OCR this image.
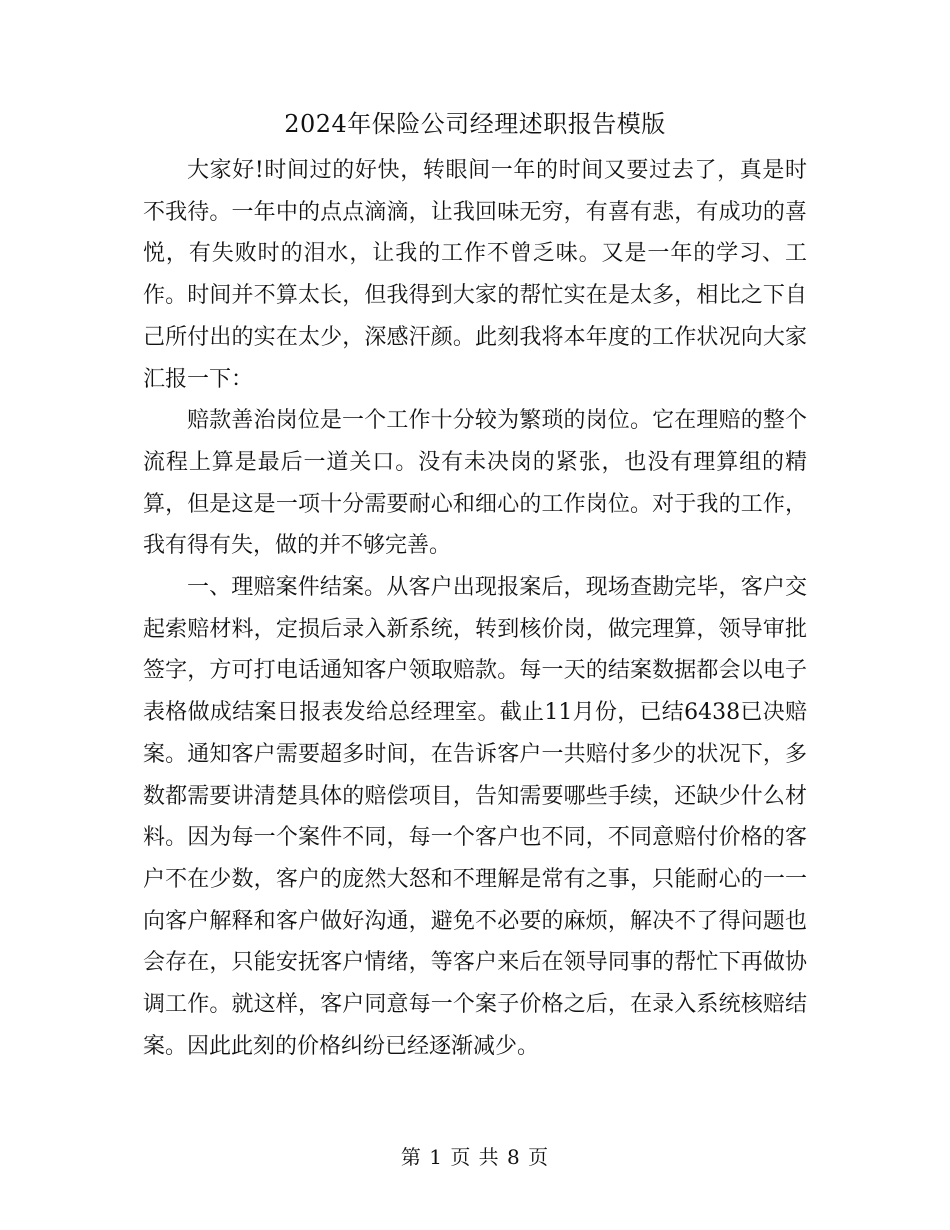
2024年保险公司经理述职报告模版

大家好!时间过的好快，转眼间一年的时间又要过去了，真是时不我待。一年中的点点滴滴，让我回味无穷，有喜有悲，有成功的喜悦，有失败时的泪水，让我的工作不曾乏味。又是一年的学习、工作。时间并不算太长，但我得到大家的帮忙实在是太多，相比之下自己所付出的实在太少，深感汗颜。此刻我将本年度的工作状况向大家汇报一下：

赔款善治岗位是一个工作十分较为繁琐的岗位。它在理赔的整个流程上算是最后一道关口。没有未决岗的紧张，也没有理算组的精算，但是这是一项十分需要耐心和细心的工作岗位。对于我的工作，我有得有失，做的并不够完善。

一、理赔案件结案。从客户出现报案后，现场查勘完毕，客户交起索赔材料，定损后录入新系统，转到核价岗，做完理算，领导审批签字，方可打电话通知客户领取赔款。每一天的结案数据都会以电子表格做成结案日报表发给总经理室。截止11月份，已结6438已决赔案。通知客户需要超多时间，在告诉客户一共赔付多少的状况下，多数都需要讲清楚具体的赔偿项目，告知需要哪些手续，还缺少什么材料。因为每一个案件不同，每一个客户也不同，不同意赔付价格的客户不在少数，客户的庞然大怒和不理解是常有之事，只能耐心的一一向客户解释和客户做好沟通，避免不必要的麻烦，解决不了得问题也会存在，只能安抚客户情绪，等客户来后在领导同事的帮忙下再做协调工作。就这样，客户同意每一个案子价格之后，在录入系统核赔结案。因此此刻的价格纠纷已经逐渐减少。

第 1 页 共 8 页
